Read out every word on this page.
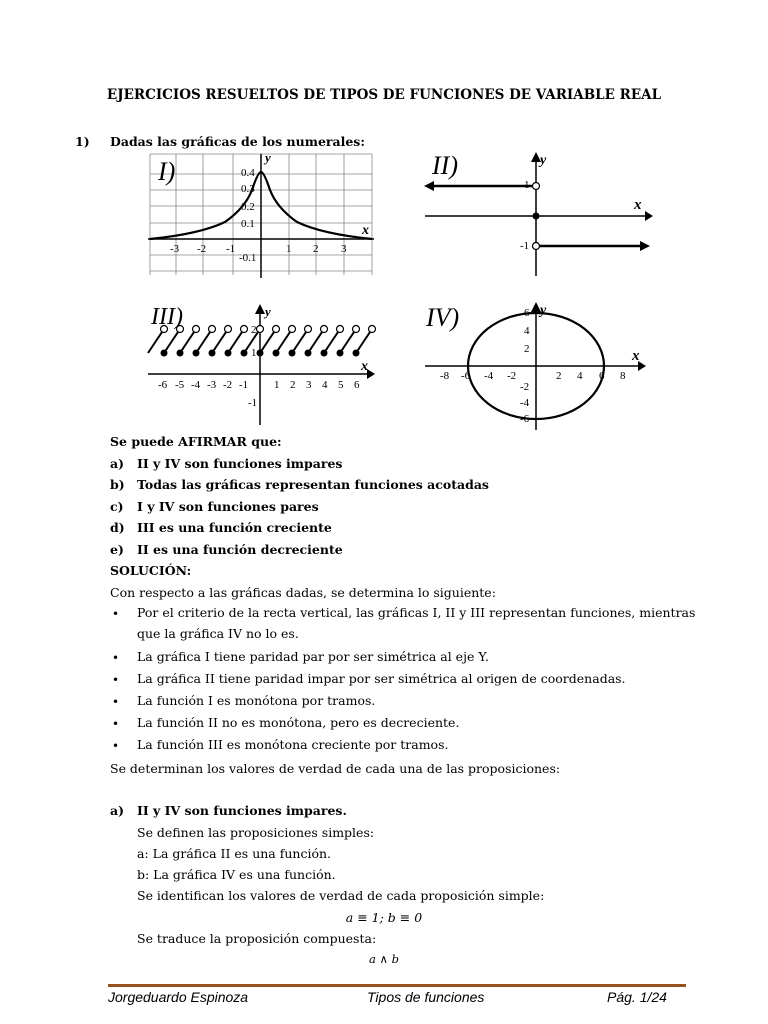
EJERCICIOS RESUELTOS DE TIPOS DE FUNCIONES DE VARIABLE REAL
1) Dadas las gráficas de los numerales:
I)	y
x
-3 -2 -1	1 2 3
0.4
0.3
0.2
0.1
-0.1
II)	y
x
1
-1
III)	y
x
-6 -5 -4 -3 -2 -1 1 2 3 4 5 6
2
1
-1
IV)	y
x
-8 -6 -4 -2	2 4 6 8
6
4
2
-2
-4
-6
Se puede AFIRMAR que:
a) II y IV son funciones impares
b) Todas las gráficas representan funciones acotadas
c) I y IV son funciones pares
d) III es una función creciente
e) II es una función decreciente
SOLUCIÓN:
Con respecto a las gráficas dadas, se determina lo siguiente:
• Por el criterio de la recta vertical, las gráficas I, II y III representan funciones, mientras que la gráfica IV no lo es.
• La gráfica I tiene paridad par por ser simétrica al eje Y.
• La gráfica II tiene paridad impar por ser simétrica al origen de coordenadas.
• La función I es monótona por tramos.
• La función II no es monótona, pero es decreciente.
• La función III es monótona creciente por tramos.
Se determinan los valores de verdad de cada una de las proposiciones:
a) II y IV son funciones impares.
Se definen las proposiciones simples:
a: La gráfica II es una función.
b: La gráfica IV es una función.
Se identifican los valores de verdad de cada proposición simple:
a ≡ 1; b ≡ 0
Se traduce la proposición compuesta:
a ∧ b
Jorgeduardo Espinoza	Tipos de funciones	Pág. 1/24
